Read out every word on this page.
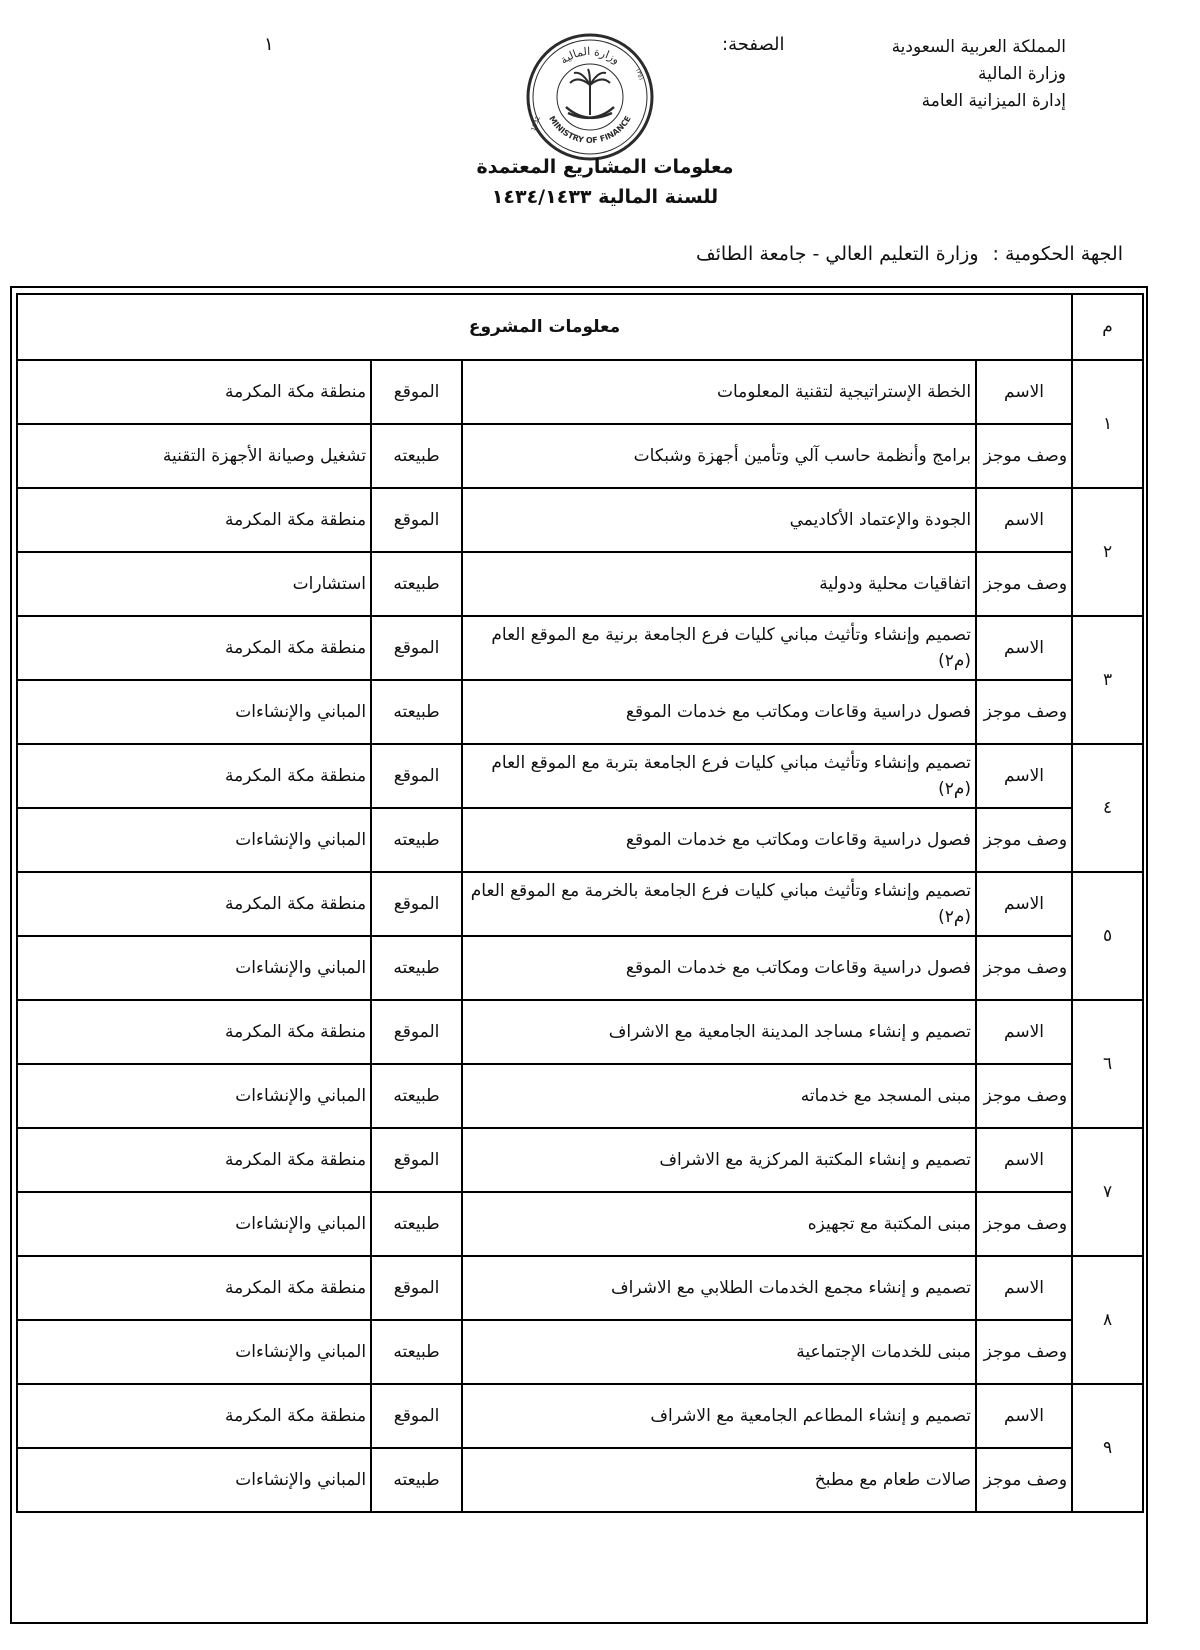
المملكة العربية السعودية
وزارة المالية
إدارة الميزانية العامة
الصفحة:
١
وزارة المالية
MINISTRY OF FINANCE
1932
١٣٥١
معلومات المشاريع المعتمدة
للسنة المالية ١٤٣٤/١٤٣٣
الجهة الحكومية :وزارة التعليم العالي - جامعة الطائف
م	معلومات المشروع			
١	الاسم	الخطة الإستراتيجية لتقنية المعلومات	الموقع	منطقة مكة المكرمة
	وصف موجز	برامج وأنظمة حاسب آلي وتأمين أجهزة وشبكات	طبيعته	تشغيل وصيانة الأجهزة التقنية
٢	الاسم	الجودة والإعتماد الأكاديمي	الموقع	منطقة مكة المكرمة
	وصف موجز	اتفاقيات محلية ودولية	طبيعته	استشارات
٣	الاسم	تصميم وإنشاء وتأثيث مباني كليات فرع الجامعة برنية مع الموقع العام (م٢)	الموقع	منطقة مكة المكرمة
	وصف موجز	فصول دراسية وقاعات ومكاتب مع خدمات الموقع	طبيعته	المباني والإنشاءات
٤	الاسم	تصميم وإنشاء وتأثيث مباني كليات فرع الجامعة بتربة مع الموقع العام (م٢)	الموقع	منطقة مكة المكرمة
	وصف موجز	فصول دراسية وقاعات ومكاتب مع خدمات الموقع	طبيعته	المباني والإنشاءات
٥	الاسم	تصميم وإنشاء وتأثيث مباني كليات فرع الجامعة بالخرمة مع الموقع العام (م٢)	الموقع	منطقة مكة المكرمة
	وصف موجز	فصول دراسية وقاعات ومكاتب مع خدمات الموقع	طبيعته	المباني والإنشاءات
٦	الاسم	تصميم و إنشاء مساجد المدينة الجامعية مع الاشراف	الموقع	منطقة مكة المكرمة
	وصف موجز	مبنى المسجد مع خدماته	طبيعته	المباني والإنشاءات
٧	الاسم	تصميم و إنشاء المكتبة المركزية مع الاشراف	الموقع	منطقة مكة المكرمة
	وصف موجز	مبنى المكتبة مع تجهيزه	طبيعته	المباني والإنشاءات
٨	الاسم	تصميم و إنشاء مجمع الخدمات الطلابي مع الاشراف	الموقع	منطقة مكة المكرمة
	وصف موجز	مبنى للخدمات الإجتماعية	طبيعته	المباني والإنشاءات
٩	الاسم	تصميم و إنشاء المطاعم الجامعية مع الاشراف	الموقع	منطقة مكة المكرمة
	وصف موجز	صالات طعام مع مطبخ	طبيعته	المباني والإنشاءات
